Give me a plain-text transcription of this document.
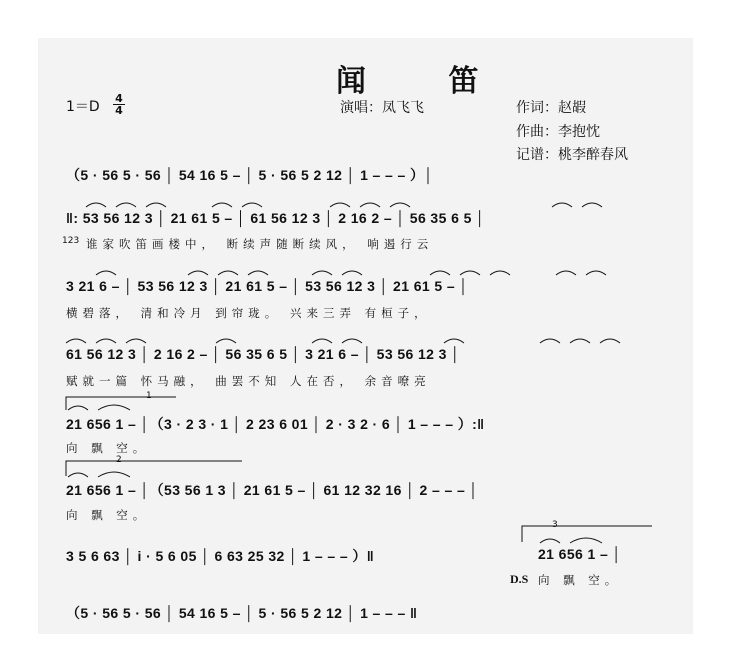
闻 笛
1＝D
4
4	演唱：凤飞飞	作词：赵嘏
作曲：李抱忱
记谱：桃李醉春风
（5 · 56 5 · 56 │ 54 16 5 – │ 5 · 56 5 2 12 │ 1 – – – ）│
‖: 53 56 12 3 │ 21 61 5 – │ 61 56 12 3 │ 2 16 2 – │ 56 35 6 5 │
123 谁家吹笛画楼中， 断续声随断续风， 响遏行云
3 21 6 – │ 53 56 12 3 │ 21 61 5 – │ 53 56 12 3 │ 21 61 5 – │
横碧落， 清和冷月 到帘珑。 兴来三弄 有桓子，
61 56 12 3 │ 2 16 2 – │ 56 35 6 5 │ 3 21 6 – │ 53 56 12 3 │
赋就一篇 怀马融， 曲罢不知 人在否， 余音嘹亮
1
21 656 1 – │（3 · 2 3 · 1 │ 2 23 6 01 │ 2 · 3 2 · 6 │ 1 – – – ）:‖
向 飘 空。
2
21 656 1 – │（53 56 1 3 │ 21 61 5 – │ 61 12 32 16 │ 2 – – – │
向 飘 空。
3 5 6 63 │ i · 5 6 05 │ 6 63 25 32 │ 1 – – – ）‖
3
21 656 1 – │
D.S 向 飘 空。
（5 · 56 5 · 56 │ 54 16 5 – │ 5 · 56 5 2 12 │ 1 – – – ‖
